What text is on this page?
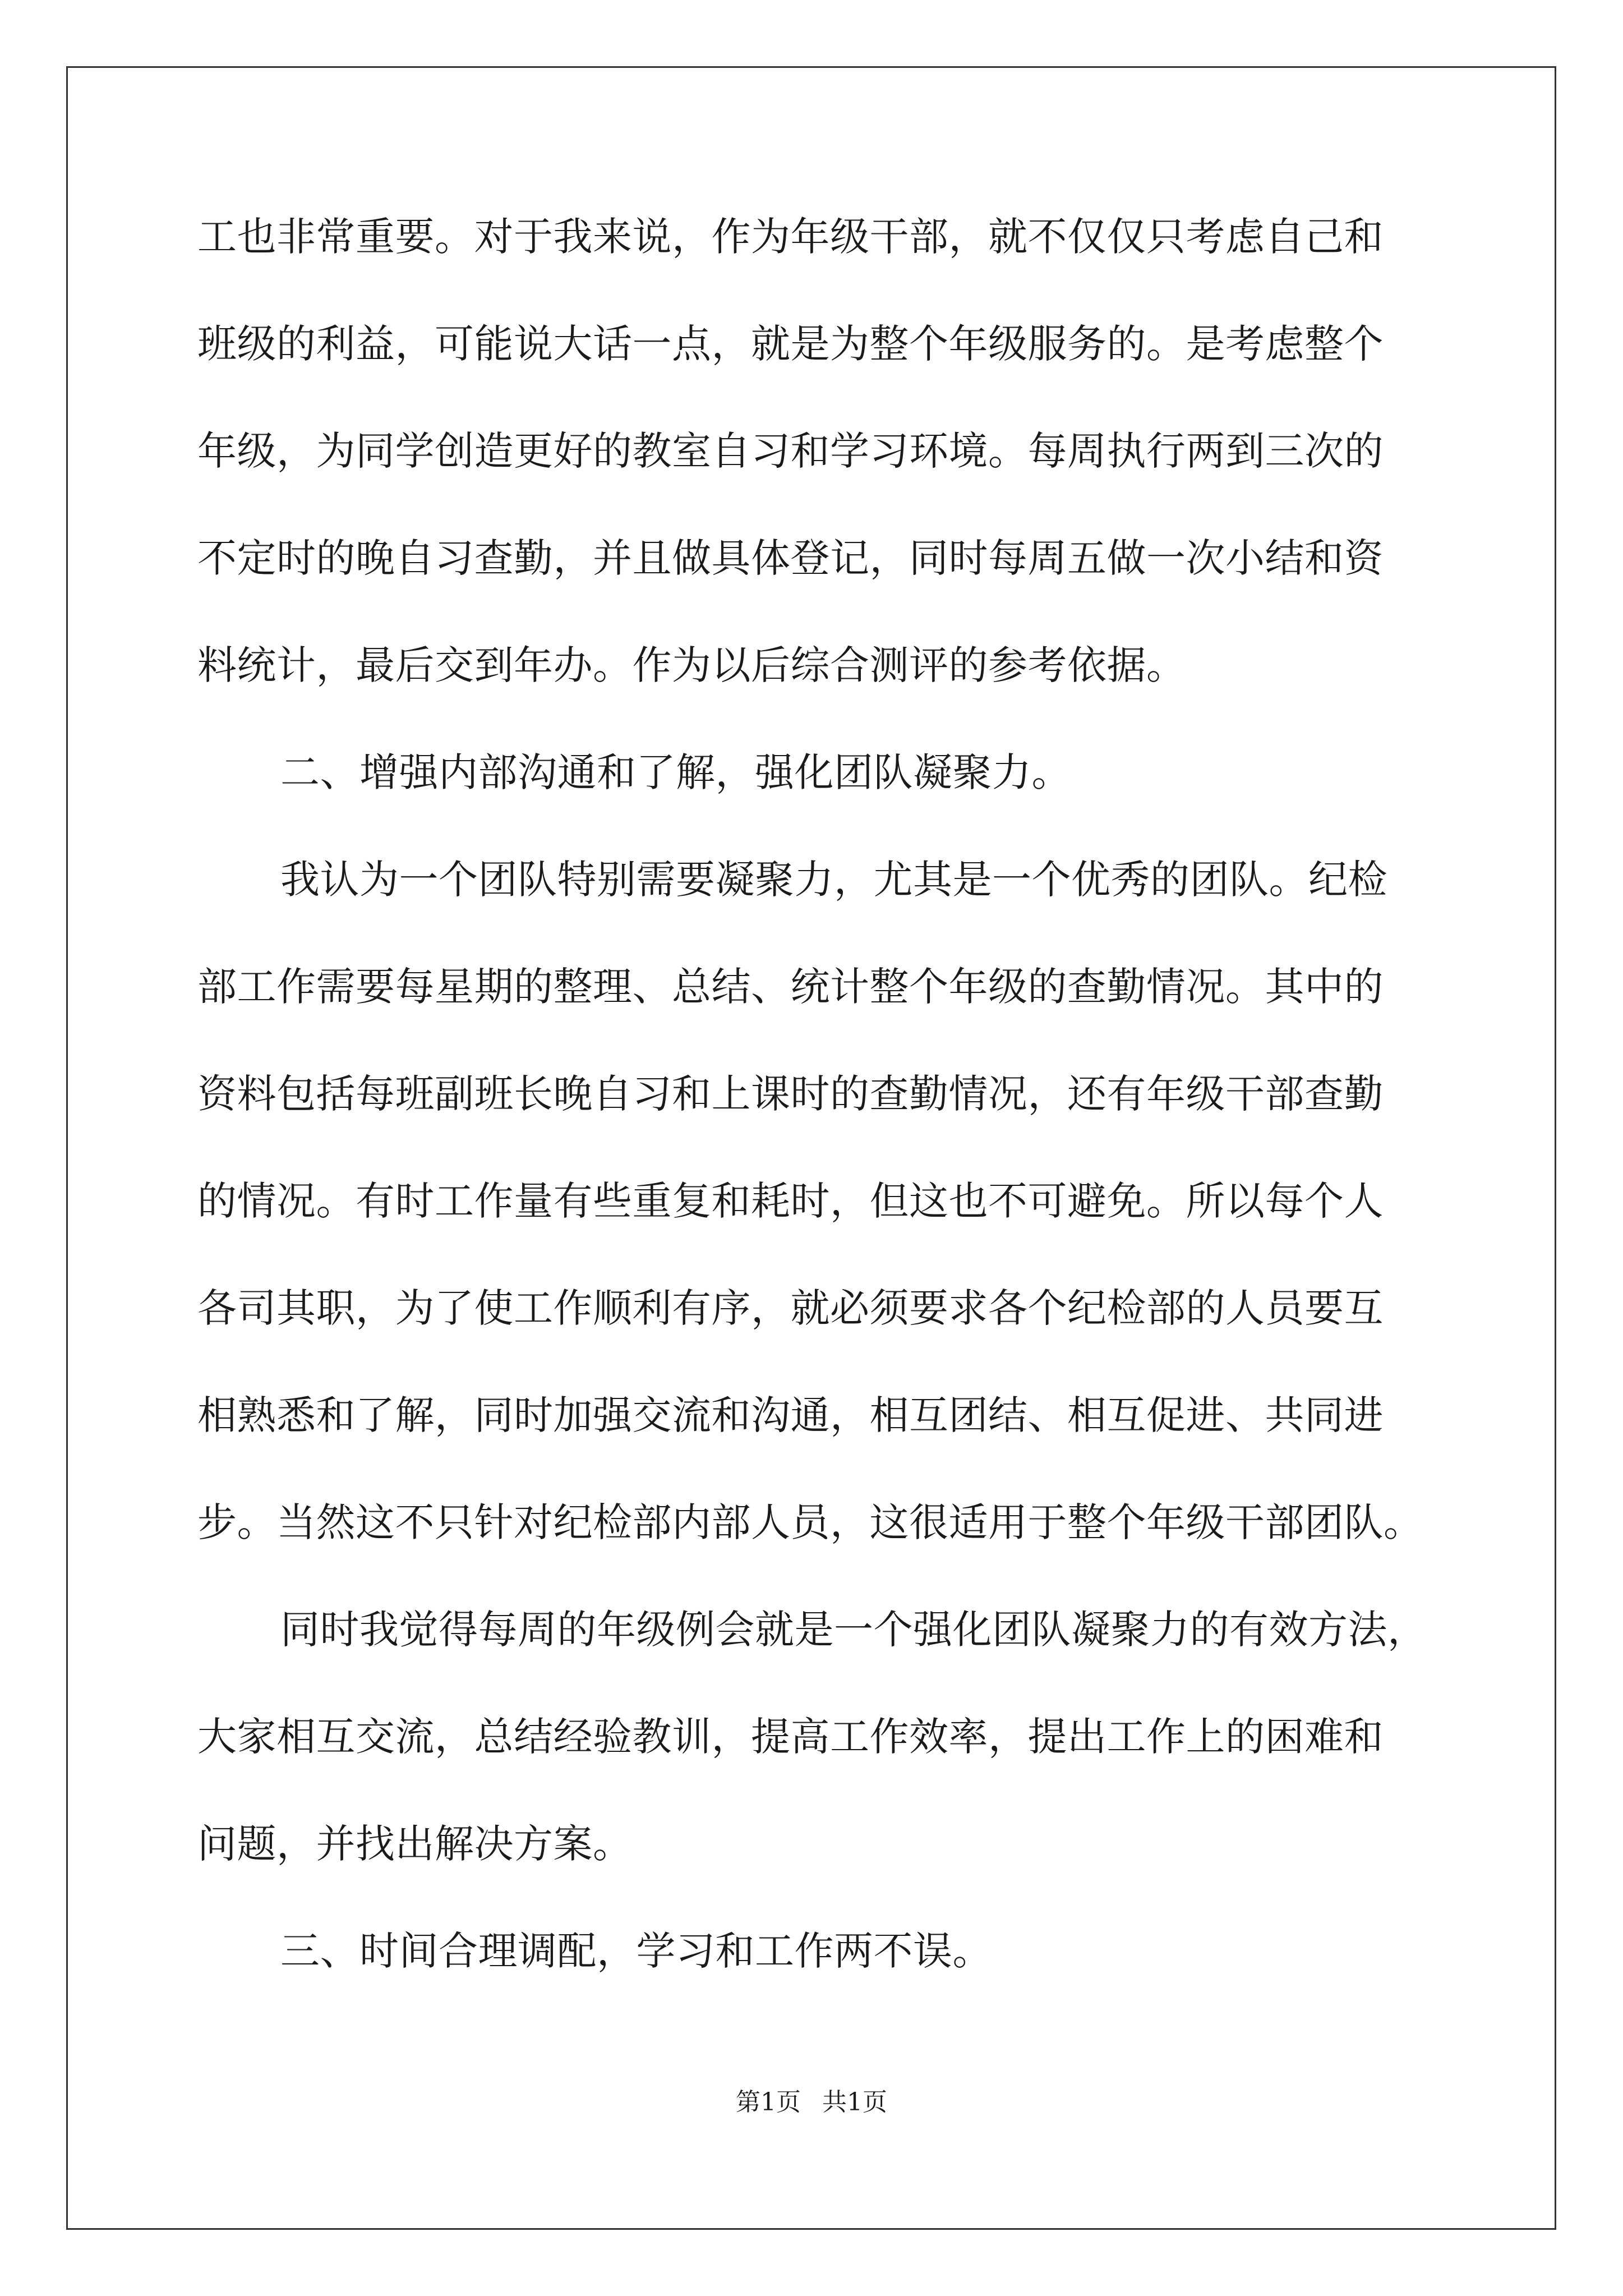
工也非常重要。对于我来说，作为年级干部，就不仅仅只考虑自己和
班级的利益，可能说大话一点，就是为整个年级服务的。是考虑整个
年级，为同学创造更好的教室自习和学习环境。每周执行两到三次的
不定时的晚自习查勤，并且做具体登记，同时每周五做一次小结和资
料统计，最后交到年办。作为以后综合测评的参考依据。
二、增强内部沟通和了解，强化团队凝聚力。
我认为一个团队特别需要凝聚力，尤其是一个优秀的团队。纪检
部工作需要每星期的整理、总结、统计整个年级的查勤情况。其中的
资料包括每班副班长晚自习和上课时的查勤情况，还有年级干部查勤
的情况。有时工作量有些重复和耗时，但这也不可避免。所以每个人
各司其职，为了使工作顺利有序，就必须要求各个纪检部的人员要互
相熟悉和了解，同时加强交流和沟通，相互团结、相互促进、共同进
步。当然这不只针对纪检部内部人员，这很适用于整个年级干部团队。
同时我觉得每周的年级例会就是一个强化团队凝聚力的有效方法，
大家相互交流，总结经验教训，提高工作效率，提出工作上的困难和
问题，并找出解决方案。
三、时间合理调配，学习和工作两不误。
第1页 共1页
